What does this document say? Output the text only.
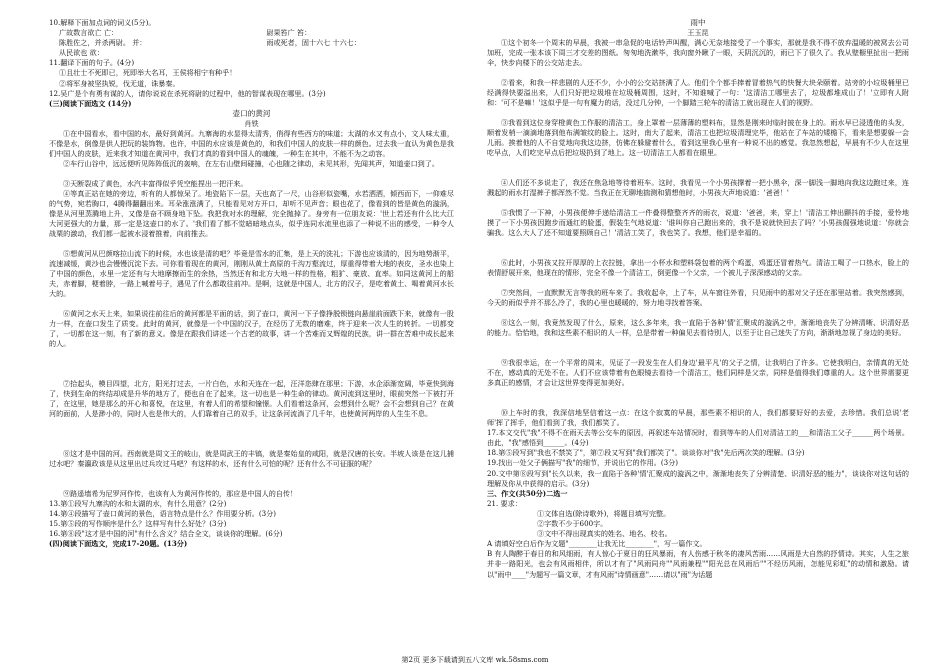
10.解释下面加点词的词义(5分)。

广故数言欲亡 亡：	尉果笞广 笞：
陈胜佐之，并杀两尉。 并：	雨或死者，固十六七 十六七：

从民欲也 欲：

11.翻译下面的句子。(4分)

①且壮士不死即已，死即举大名耳，王侯将相宁有种乎！

②将军身被坚执锐，伐无道，诛暴秦。

12.吴广是个有勇有谋的人，请你说说在杀死将尉的过程中，他的智谋表现在哪里。(3分)

(三)阅读下面选文 (14分)

壶口的黄河

肖铁

①在中国看水，看中国的水，最好到黄河。九寨海的水显得太清秀，俏得有些西方的味道；太湖的水又有点小，文人味太重，不像是水，倒像是供人把玩的装饰物。也许，中国的水应该是黄色的，和我们中国人的皮肤一样的颜色。过去我一直认为黄色是我们中国人的皮肤，近来我才知道在黄河中，我们才真的看到中国人的魂魄，一种生在其中，不能不为之动容。

②车行山谷中，远远便听见阵阵低沉的轰响，在左右山壁间碰撞，心也随之律动，未见其形，先闻其声，知道壶口到了。

③天断裂成了黄色，水汽丰富得似乎凭空能捏出一把汗来。

④等真正站在她的旁边，听有的人都惊呆了。地瓷陷下一层，天也高了一尺，山谷形似瓷嘴，水若洒洒，倾西而下，一仰难尽的气势，宛若胸口，4腾得翻翻出来。耳朵涨涨满了，只能看见对方开口，却听不见声音；眼也花了，像看到的皆是黄色的漩涡，像是从河里蒸腾地上升，又像是奋不顾身地下坠。我把我对水的理解，完全抛掉了。身旁有一位朋友说：'世上若还有什么比大江大河更强大的力量，那一定是这壶口的水了。'我们看了都不觉暗暗地点头，似乎连同水流里也添了一种说不出的感受，一种令人战栗的激动，我们都一起被水浸着推着，向前推去。

⑤想黄河从巴颜喀拉山流下的时候，水也该是清的吧？毕竟是雪水的汇集，是上天的洗礼；下游也应该清的，因为地势渐平，流速减缓，黄沙也会慢慢沉淀下去。可你看看现在的黄河，刚刚从黄土高原的千沟万壑流过，厚重得带着大地的表皮，圣水也染上了中国的颜色，水里一定还有与大地摩擦而生的余热，当然还有和北方大地一样的性格，粗犷、豪放、直率。如同这黄河上的船夫，赤着脚，梗着脖，一路上喊着号子，遇见了什么都敢往前冲。是啊，这就是中国人，北方的汉子，是吃着黄土、喝着黄河水长大的。

⑥黄河之水天上来，如果说往前往后的黄河都是平面的话，到了壶口，黄河一下子像挣脱锁链向悬崖前面跌下来，就像有一股力一样，在壶口发生了质变。此时的黄河，就像是一个中国的汉子，在经历了无数的磨难，终于迎来一次人生的转折。一切都变了，一切都在这一刻，有了新的意义。像是在跟我们讲述一个古老的故事，讲一个苦难而又辉煌的民族，讲一群在苦难中成长起来的人。

⑦拾起头，模目四望，北方，阳光打过去，一片白色，水和天连在一起，汪洋恣肆在那里；下游，水企添渐宽阔，毕竟快到海了，快到生命的终结却成是升华的地方了，便也自在了起来，这一切也是一种生命的律动。黄河流到这里时，眼前突然一下被打开了，在这里，她是那么的开心和喜悦，在这里，有着人们的希望和憧憬。人们看着这条河，会想到什么呢？会不会想到自己？在黄河的面前，人是渺小的，同时人也是伟大的，人们靠着自己的双手，让这条河流淌了几千年，也使黄河两岸的人生生不息。

⑧这才是中国的河。西南就是周文王的岐山，就是周武王的丰镐，就是秦始皇的咸阳，就是汉唐的长安。半坡人该是在这儿捕过水吧？秦瀛政该是从这里出过兵攻过马吧？有这样的水，还有什么可怕的呢？还有什么不可征服的呢？

⑨路遥墙希为尼罗河作传，也该有人为黄河作传的，那应是中国人的自传！

13.第①段写九寨沟的水和太湖的水，有什么用意？(2分)

14.第④段描写了壶口黄河的景色，语言特点是什么？作用要分析。(3分)

15.第⑤段的写作顺序是什么？这样写有什么好处？(3分)

16.第⑧段"这才是中国的河"有什么含义？结合全文，谈谈你的理解。(6分)

(四)阅读下面选文，完成17-20题。(13分)

雨中

王玉昆

①这个初冬一个周末的早晨，我被一串急促的电话铃声叫醒，满心无奈地接受了一个事实，那就是我不得不放弃温暖的被窝去公司加班，完成一张本该下周三才交差的图纸。匆匆地洗漱毕，我向窗外瞅了一眼，天阴沉沉的，雨已下了很久了。我从壁橱里扯出一把雨伞，快步向楼下的公交站走去。

②看来，和我一样悲剧的人还不少，小小的公交站挤满了人。他们个个都手捧着冒着热气的快餐大块朵颐着。站旁的小垃圾桶里已经满得快要溢出来，人们只好把垃圾堆在垃圾桶周围，这时，不知谁喊了一句：'这清洁工哪里去了，垃圾都堆成山了！'立即有人附和：'可不是嘛！'这似乎是一句有魔力的话，没过几分钟，一个脚踏三轮车的清洁工就出现在人们的视野。

③我看到这位身穿橙黄色工作服的清洁工，身上罩着一层薄薄的塑料布，显然是刚来时临时披在身上的。雨水早已浸透他的头发，顺着发梢一滴滴地落到他布满皱纹的脸上。这时，南大了起来，清洁工也把垃圾清理完毕，他站在了车站的矮檐下，看来是想要躲一会儿雨。挨着他的人不自觉地向我这边挤，仿佛在躲避着什么，看到这里我心里有一种说不出的感觉。我忽然想起，早晨有不少人在这里吃早点，人们吃完早点后把垃圾扔到了地上。这一切清洁工人都看在眼里。

④人们还不多说走了，我还在焦急地等待着班车。这时，我看见一个小男孩撑着一把小黑伞，深一脚浅一脚地向我这边跑过来，连溅起的雨水打湿裤子都浑然不觉。当我正在无聊地揣测和猜想他时，小男孩大声地说道：'爸爸！'

⑤我惯了一下神，小男孩便伸手递给清洁工一件叠得整整齐齐的雨衣，说道：'爸爸，来，穿上！'清洁工伸出颤抖的手接，爱怜地摸了一下小男孩因跑步而通红的脸蛋，假装生气地说道：'谁叫你自己跑出来的，我不是说就快回去了吗？'小男孩倔强地说道：'你就会骗我。这么大人了还不知道要照顾自己！'清洁工笑了，我也笑了。我想，他们是幸福的。

⑥此时，小男孩又拉开厚厚的上衣拉链，拿出一小杯水和塑料袋包着的两个鸡蛋，鸡蛋还冒着热气。清洁工喝了一口热水，脸上的表情舒展开来，他现在的情形，完全不像一个清洁工，倒更像一个父亲，一个被儿子深深感动的父亲。

⑦突然间，一直默默无言等我的班车来了。我收起伞，上了车，从车窗往外看，只见雨中的那对父子还在那里站着。我突然感到，今天的雨似乎并不那么冷了，我的心里也暖暖的，努力地寻找着答案。

⑧这么一刻，我竟然发现了什么，原来，这么多年来，我一直陷于各种'情'汇聚成的漩涡之中，渐渐地丧失了分辨清晰、识清好恶的能力。恰恰地，我和这些素不相识的人一样，总是带着一种偏见去看待别人，以至于让自己迷失了方向，渐渐地忽视了身边的美好。

⑨我很幸运，在一个平常的周末，见证了一段发生在人们身边'最平凡'的父子之情，让我明白了许多。它使我明白，亲情真的无处不在，感动真的无处不在。人们不应该带着有色眼镜去看待一个清洁工，他们同样是父亲，同样是值得我们尊重的人。这个世界需要更多真正的感情，才会让这世界变得更加美好。

⑩上车时的我，我深信地坚信着这一点：在这个寂寞的早晨，那些素不相识的人，我们都要好好的去爱，去珍惜。我们总说'老师'挥了挥手，他们看到了我，我们都笑了。

17.本文交代"我"不得不在雨天去等公交车的原因，再叙述车站情况时，看到等车的人们对清洁工的___和清洁工父子______两个场景。由此，"我"感悟到______。(4分)

18.第⑤段写到"我也不禁笑了"，第⑦段又写到"我们都笑了"。谈谈你对"我"先后两次笑的理解。(3分)

19.找出一处父子俩描写"我"的细节，并说出它的作用。(3分)

20.文中第⑧段写到"长久以来，我一直陷于各种'情'汇聚成的漩涡之中，渐渐地丧失了分辨清楚、识清好恶的能力"，谈谈你对这句话的理解及你从中获得的启示。(3分)

三、作文(共50分)二选一

21. 要求：

①文体自选(除诗歌外)，将题目填写完整。

②字数不少于600字。

③文中不得出现真实的姓名、地名、校名。

A 请填好空白后作为文题"________让我无比________"，写一篇作文。

B 有人陶醉于春日的和风细雨，有人惊心于夏日的狂风暴雨，有人伤感于秋冬的凄风苦雨……风雨是大自然的抒情诗。其实，人生之旅并非一路阳光，也会有风雨相伴，所以才有了"风雨同舟""风雨兼程""阳光总在风雨后""不经历风雨，怎能见彩虹"的动情和激励。请以"雨中____"为题写一篇文章，才有风雨"诗情画意"……请以"雨"为话题

第2页 更多下载请到五八文库 wk.58sms.com
